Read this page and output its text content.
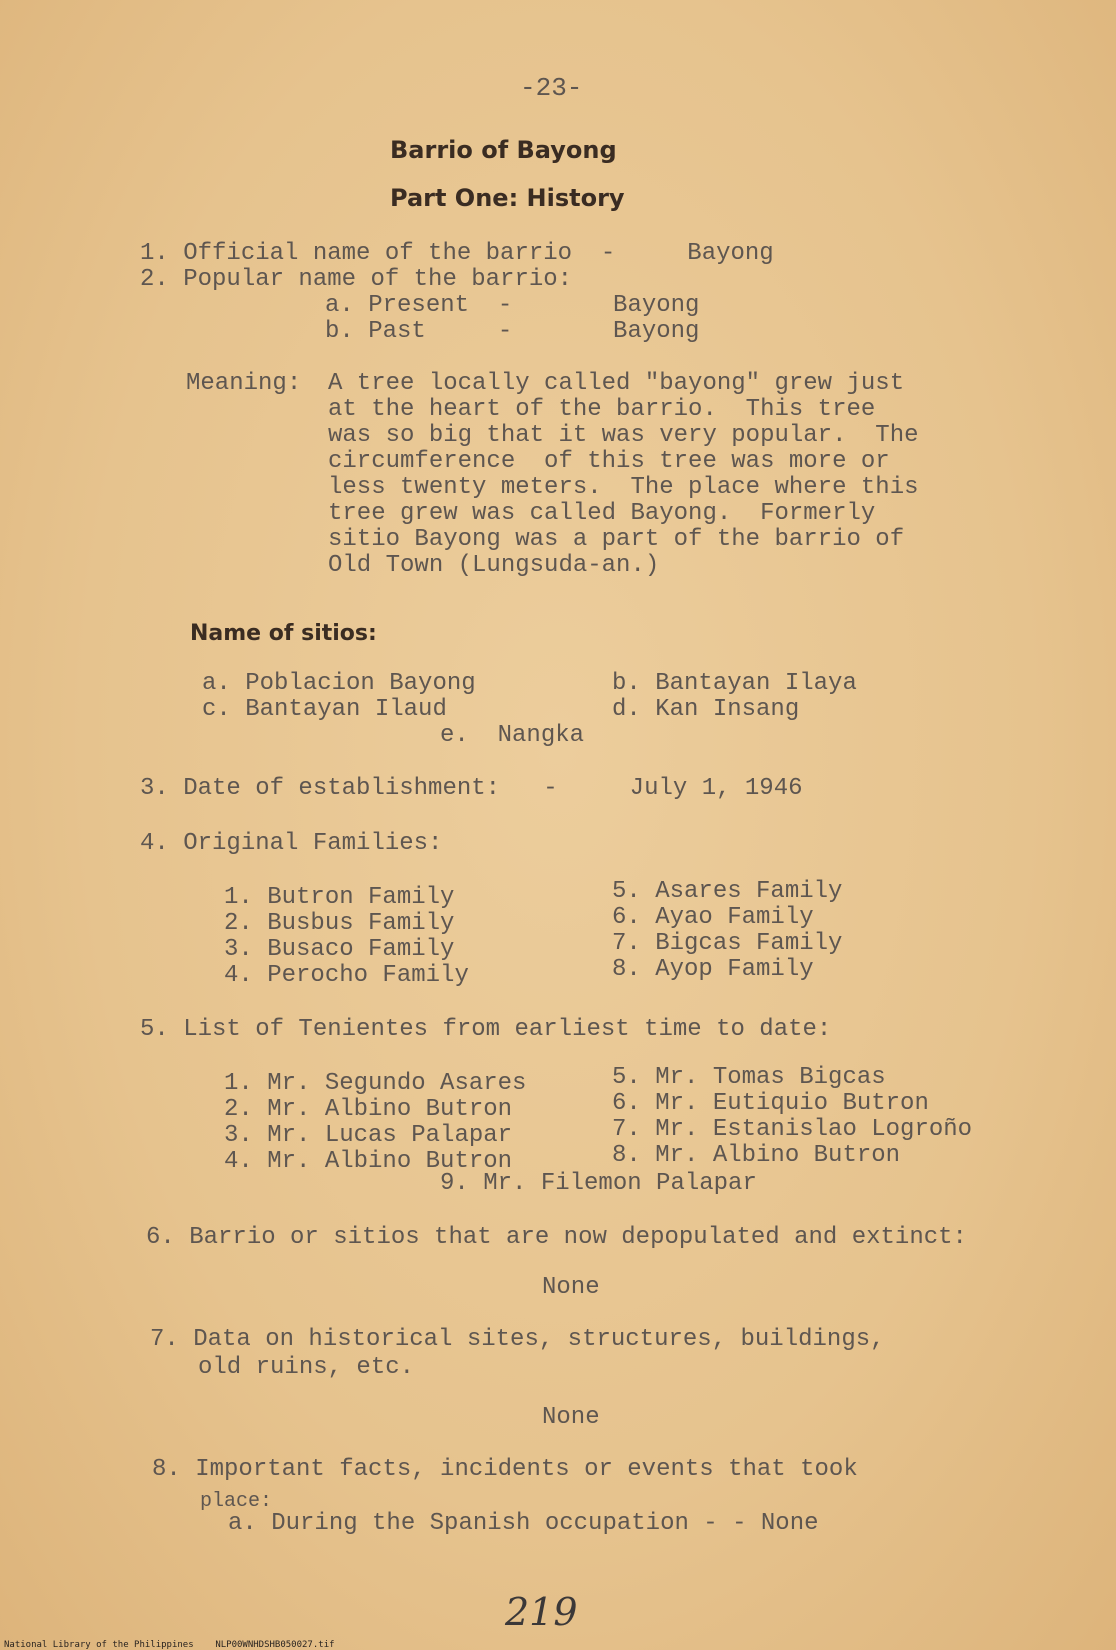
-23-
Barrio of Bayong
Part One: History
1. Official name of the barrio  -     Bayong
2. Popular name of the barrio:
a. Present  -       Bayong
b. Past     -       Bayong
Meaning: A tree locally called "bayong" grew just
at the heart of the barrio.  This tree
was so big that it was very popular.  The
circumference  of this tree was more or
less twenty meters.  The place where this
tree grew was called Bayong.  Formerly
sitio Bayong was a part of the barrio of
Old Town (Lungsuda-an.)
Name of sitios:
a. Poblacion Bayong	b. Bantayan Ilaya
c. Bantayan Ilaud	d. Kan Insang
e.  Nangka
3. Date of establishment:   -     July 1, 1946
4. Original Families:
1. Butron Family
2. Busbus Family
3. Busaco Family
4. Perocho Family
5. Asares Family
6. Ayao Family
7. Bigcas Family
8. Ayop Family
5. List of Tenientes from earliest time to date:
1. Mr. Segundo Asares
2. Mr. Albino Butron
3. Mr. Lucas Palapar
4. Mr. Albino Butron
5. Mr. Tomas Bigcas
6. Mr. Eutiquio Butron
7. Mr. Estanislao Logroño
8. Mr. Albino Butron
9. Mr. Filemon Palapar
6. Barrio or sitios that are now depopulated and extinct:
None
7. Data on historical sites, structures, buildings,
old ruins, etc.
None
8. Important facts, incidents or events that took
place:
a. During the Spanish occupation - - None
219
National Library of the Philippines    NLP00WNHDSHB050027.tif
